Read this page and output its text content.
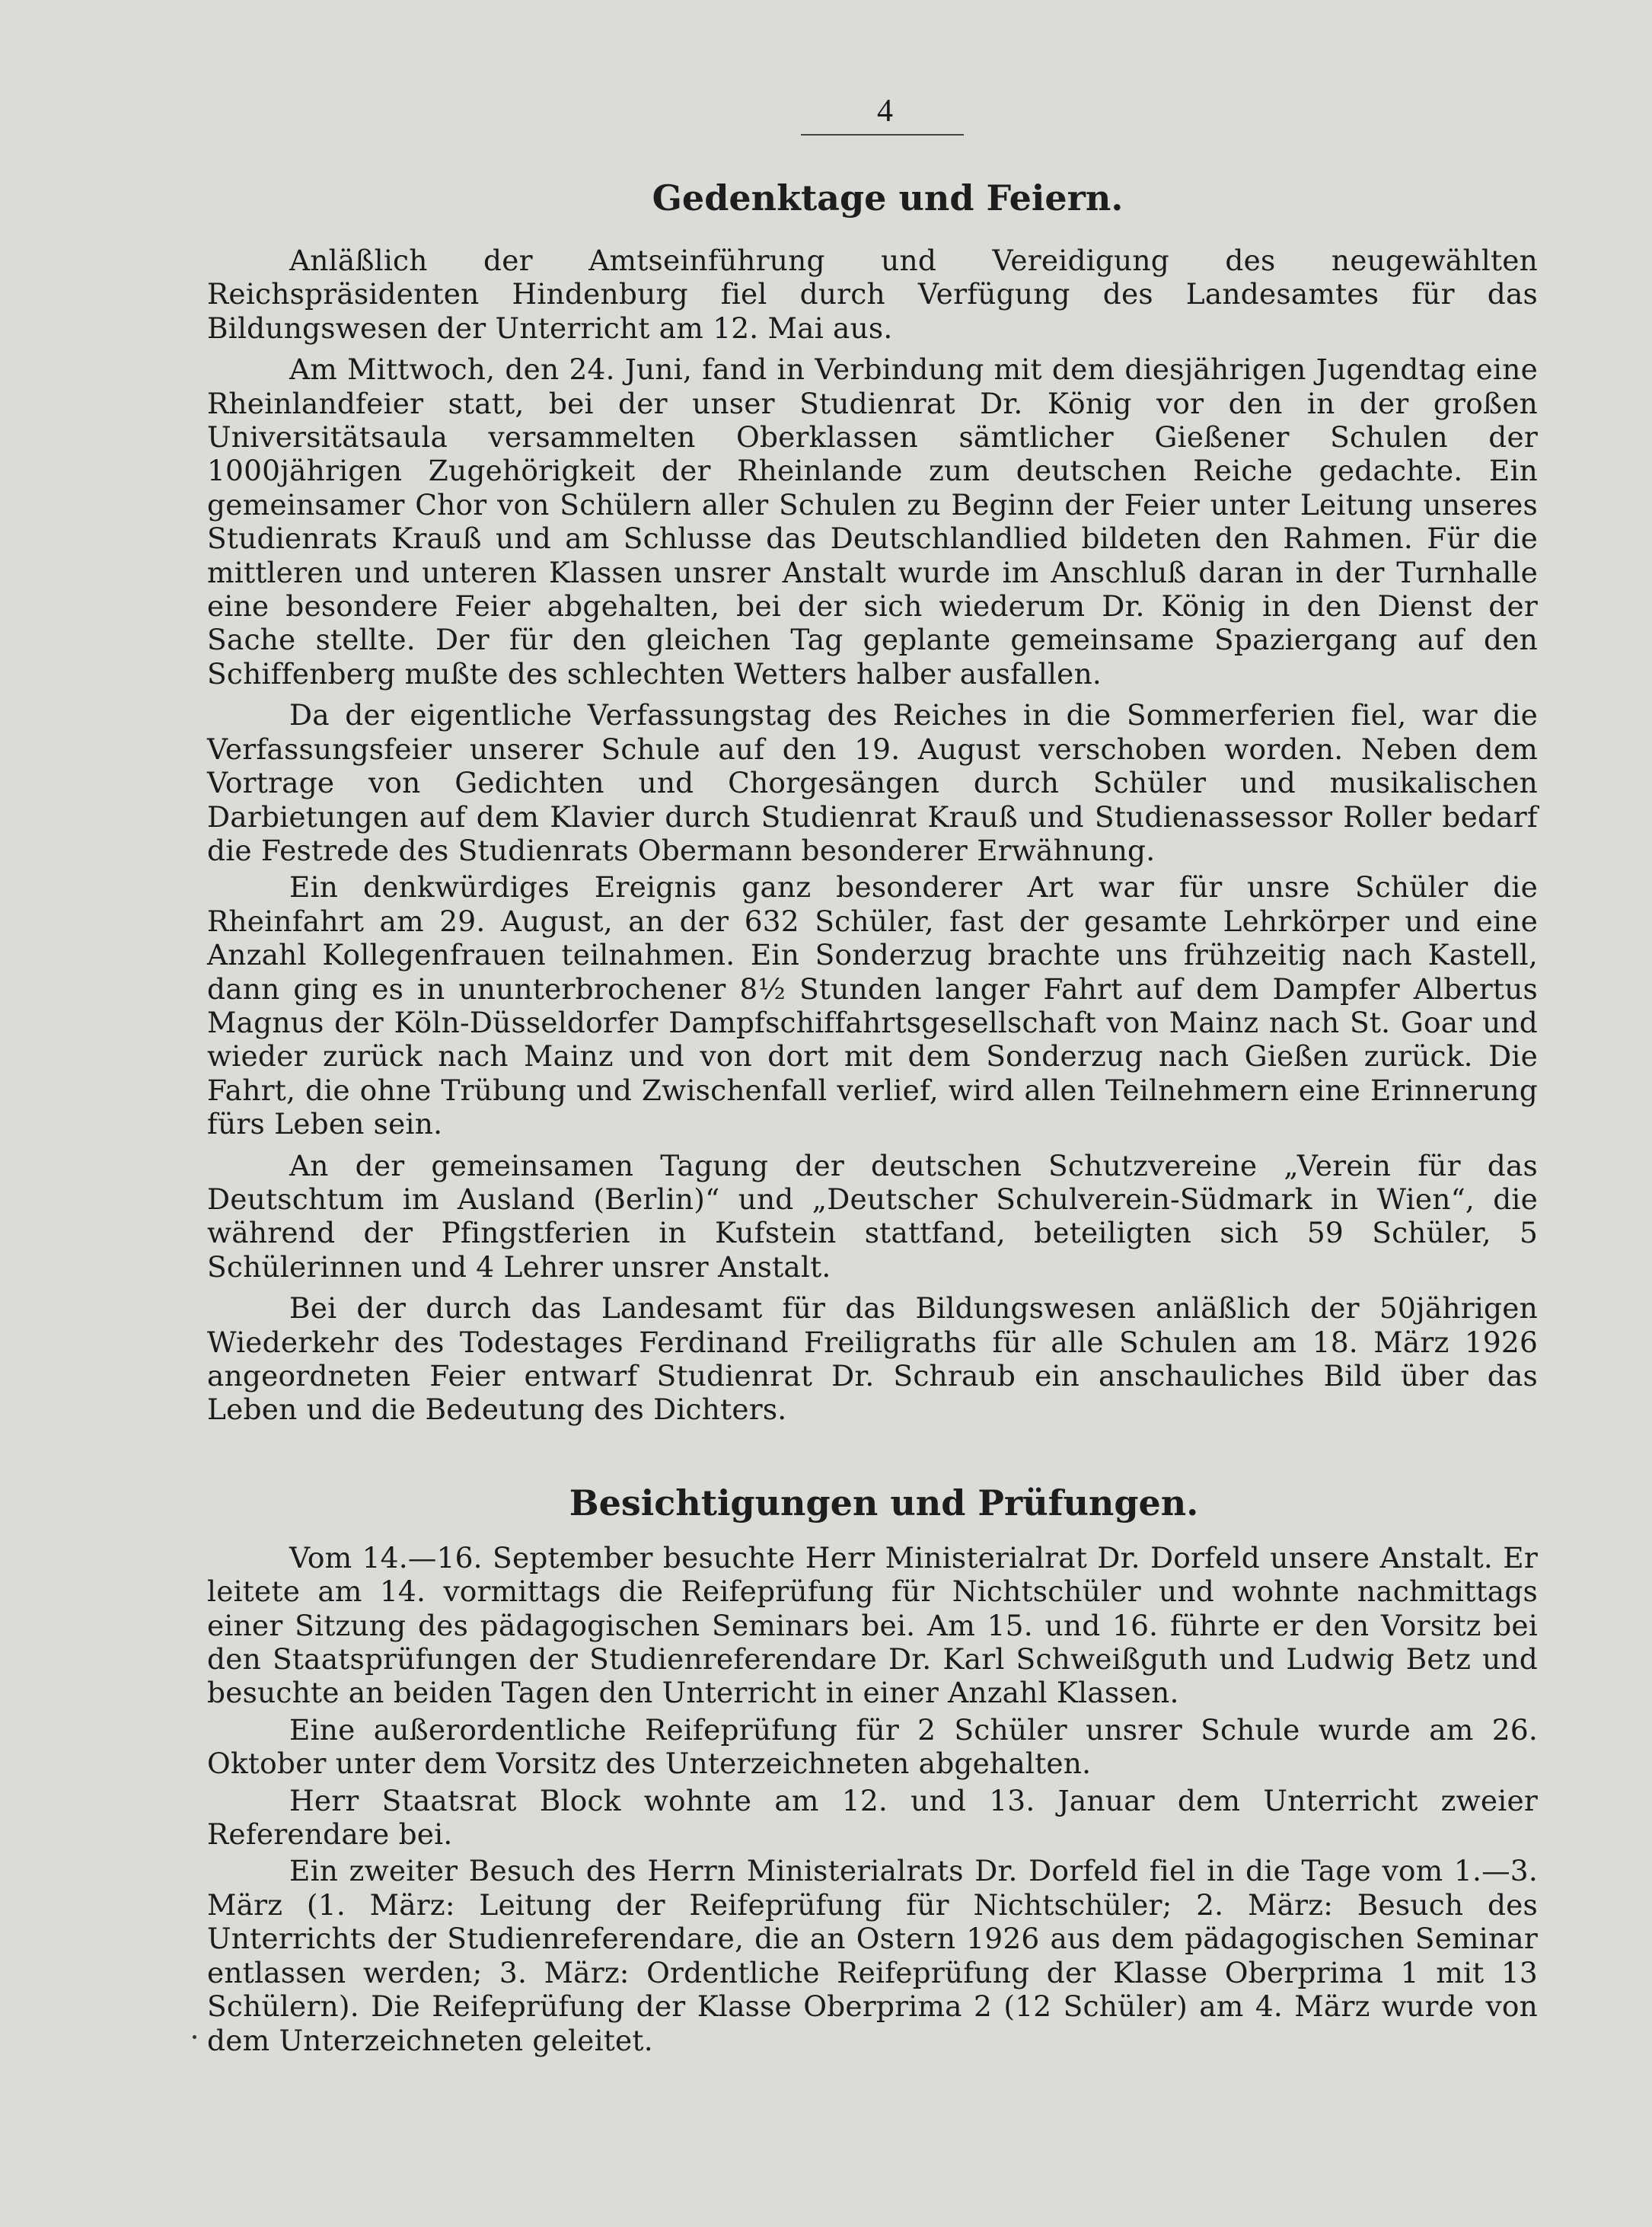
4
Gedenktage und Feiern.

Anläßlich der Amtseinführung und Vereidigung des neugewählten Reichspräsidenten Hindenburg fiel durch Verfügung des Landesamtes für das Bildungswesen der Unterricht am 12. Mai aus.

Am Mittwoch, den 24. Juni, fand in Verbindung mit dem diesjährigen Jugendtag eine Rheinlandfeier statt, bei der unser Studienrat Dr. König vor den in der großen Universitätsaula versammelten Oberklassen sämtlicher Gießener Schulen der 1000jährigen Zugehörigkeit der Rheinlande zum deutschen Reiche gedachte. Ein gemeinsamer Chor von Schülern aller Schulen zu Beginn der Feier unter Leitung unseres Studienrats Krauß und am Schlusse das Deutschlandlied bildeten den Rahmen. Für die mittleren und unteren Klassen unsrer Anstalt wurde im Anschluß daran in der Turnhalle eine besondere Feier abgehalten, bei der sich wiederum Dr. König in den Dienst der Sache stellte. Der für den gleichen Tag geplante gemeinsame Spaziergang auf den Schiffenberg mußte des schlechten Wetters halber ausfallen.

Da der eigentliche Verfassungstag des Reiches in die Sommerferien fiel, war die Verfassungsfeier unserer Schule auf den 19. August verschoben worden. Neben dem Vortrage von Gedichten und Chorgesängen durch Schüler und musikalischen Darbietungen auf dem Klavier durch Studienrat Krauß und Studienassessor Roller bedarf die Festrede des Studienrats Obermann besonderer Erwähnung.

Ein denkwürdiges Ereignis ganz besonderer Art war für unsre Schüler die Rheinfahrt am 29. August, an der 632 Schüler, fast der gesamte Lehrkörper und eine Anzahl Kollegenfrauen teilnahmen. Ein Sonderzug brachte uns frühzeitig nach Kastell, dann ging es in ununterbrochener 8½ Stunden langer Fahrt auf dem Dampfer Albertus Magnus der Köln-Düsseldorfer Dampfschiffahrtsgesellschaft von Mainz nach St. Goar und wieder zurück nach Mainz und von dort mit dem Sonderzug nach Gießen zurück. Die Fahrt, die ohne Trübung und Zwischenfall verlief, wird allen Teilnehmern eine Erinnerung fürs Leben sein.

An der gemeinsamen Tagung der deutschen Schutzvereine „Verein für das Deutschtum im Ausland (Berlin)“ und „Deutscher Schulverein-Südmark in Wien“, die während der Pfingstferien in Kufstein stattfand, beteiligten sich 59 Schüler, 5 Schülerinnen und 4 Lehrer unsrer Anstalt.

Bei der durch das Landesamt für das Bildungswesen anläßlich der 50jährigen Wiederkehr des Todestages Ferdinand Freiligraths für alle Schulen am 18. März 1926 angeordneten Feier entwarf Studienrat Dr. Schraub ein anschauliches Bild über das Leben und die Bedeutung des Dichters.

Besichtigungen und Prüfungen.

Vom 14.—16. September besuchte Herr Ministerialrat Dr. Dorfeld unsere Anstalt. Er leitete am 14. vormittags die Reifeprüfung für Nichtschüler und wohnte nachmittags einer Sitzung des pädagogischen Seminars bei. Am 15. und 16. führte er den Vorsitz bei den Staatsprüfungen der Studienreferendare Dr. Karl Schweißguth und Ludwig Betz und besuchte an beiden Tagen den Unterricht in einer Anzahl Klassen.

Eine außerordentliche Reifeprüfung für 2 Schüler unsrer Schule wurde am 26. Oktober unter dem Vorsitz des Unterzeichneten abgehalten.

Herr Staatsrat Block wohnte am 12. und 13. Januar dem Unterricht zweier Referendare bei.

Ein zweiter Besuch des Herrn Ministerialrats Dr. Dorfeld fiel in die Tage vom 1.—3. März (1. März: Leitung der Reifeprüfung für Nichtschüler; 2. März: Besuch des Unterrichts der Studienreferendare, die an Ostern 1926 aus dem pädagogischen Seminar entlassen werden; 3. März: Ordentliche Reifeprüfung der Klasse Oberprima 1 mit 13 Schülern). Die Reifeprüfung der Klasse Oberprima 2 (12 Schüler) am 4. März wurde von dem Unterzeichneten geleitet.
